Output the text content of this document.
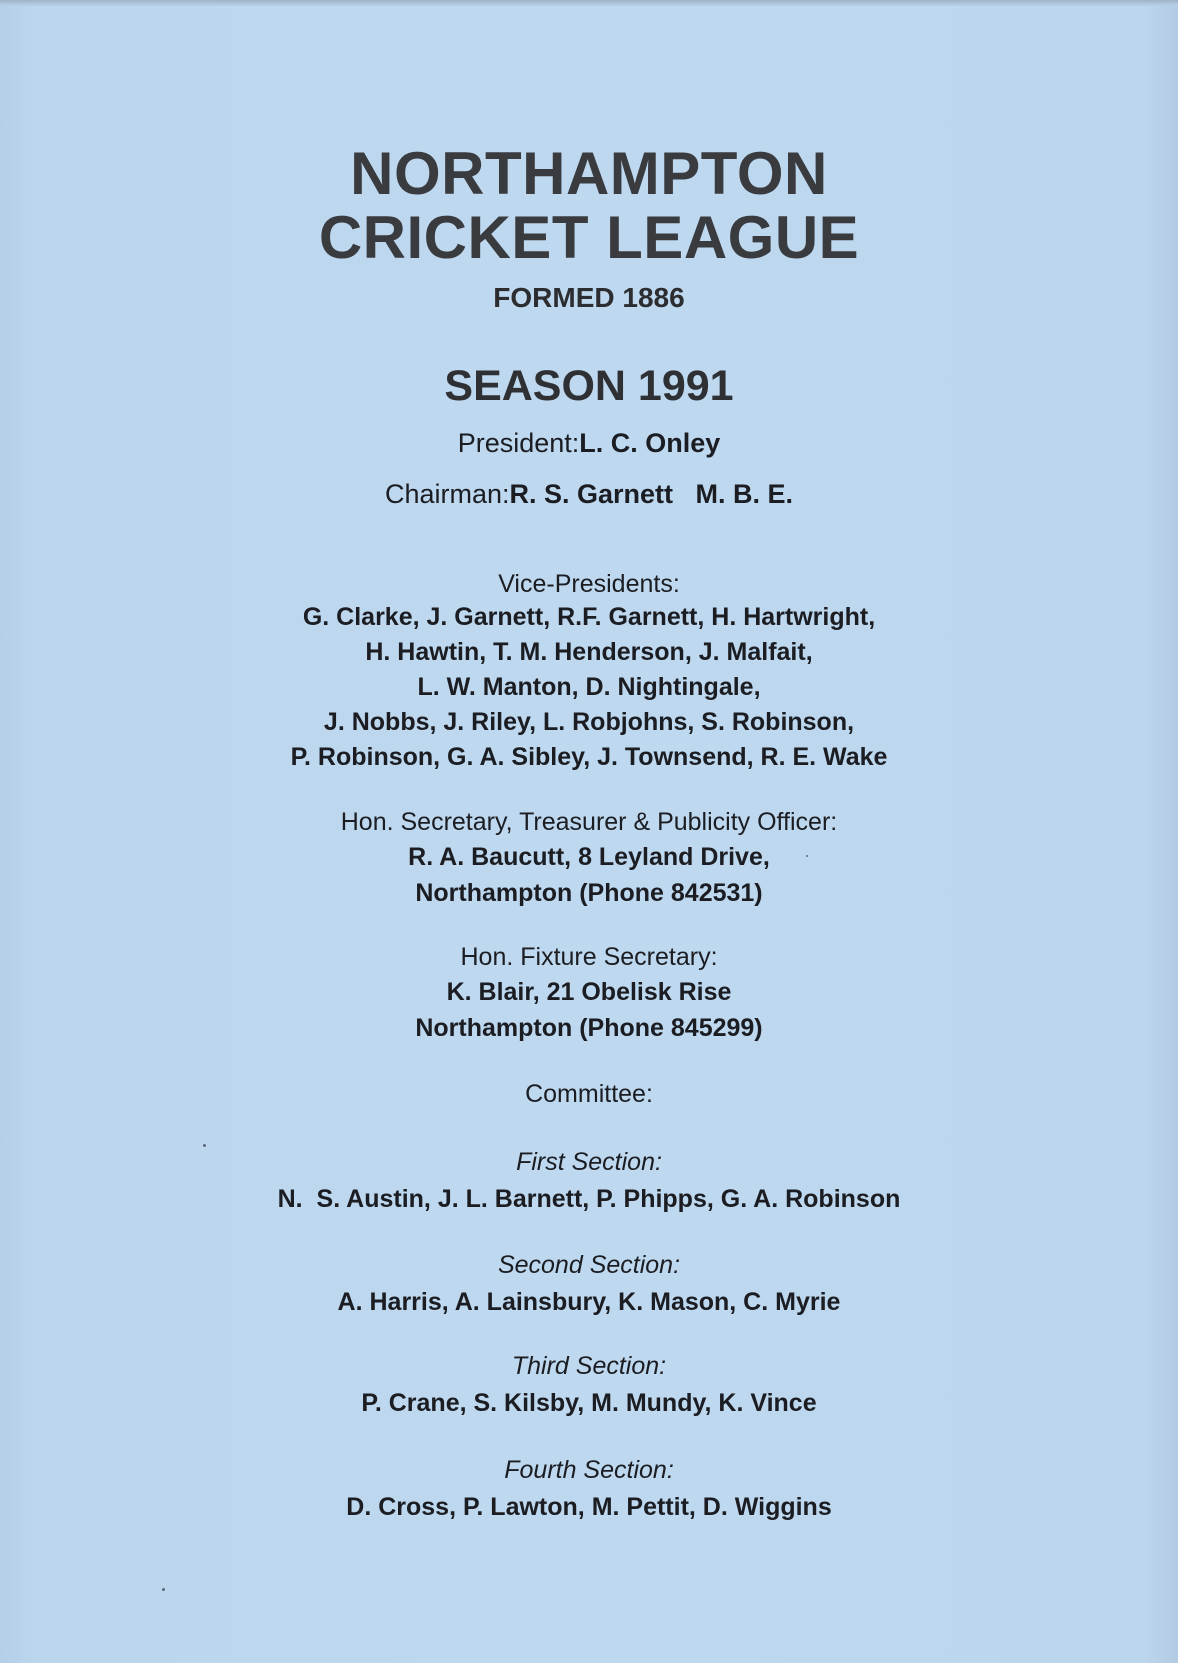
NORTHAMPTON
CRICKET LEAGUE
FORMED 1886
SEASON 1991
President:L. C. Onley
Chairman:R. S. Garnett   M. B. E.
Vice-Presidents:
G. Clarke, J. Garnett, R.F. Garnett, H. Hartwright,
H. Hawtin, T. M. Henderson, J. Malfait,
L. W. Manton, D. Nightingale,
J. Nobbs, J. Riley, L. Robjohns, S. Robinson,
P. Robinson, G. A. Sibley, J. Townsend, R. E. Wake
Hon. Secretary, Treasurer & Publicity Officer:
R. A. Baucutt, 8 Leyland Drive,
Northampton (Phone 842531)
Hon. Fixture Secretary:
K. Blair, 21 Obelisk Rise
Northampton (Phone 845299)
Committee:
First Section:
N.  S. Austin, J. L. Barnett, P. Phipps, G. A. Robinson
Second Section:
A. Harris, A. Lainsbury, K. Mason, C. Myrie
Third Section:
P. Crane, S. Kilsby, M. Mundy, K. Vince
Fourth Section:
D. Cross, P. Lawton, M. Pettit, D. Wiggins
